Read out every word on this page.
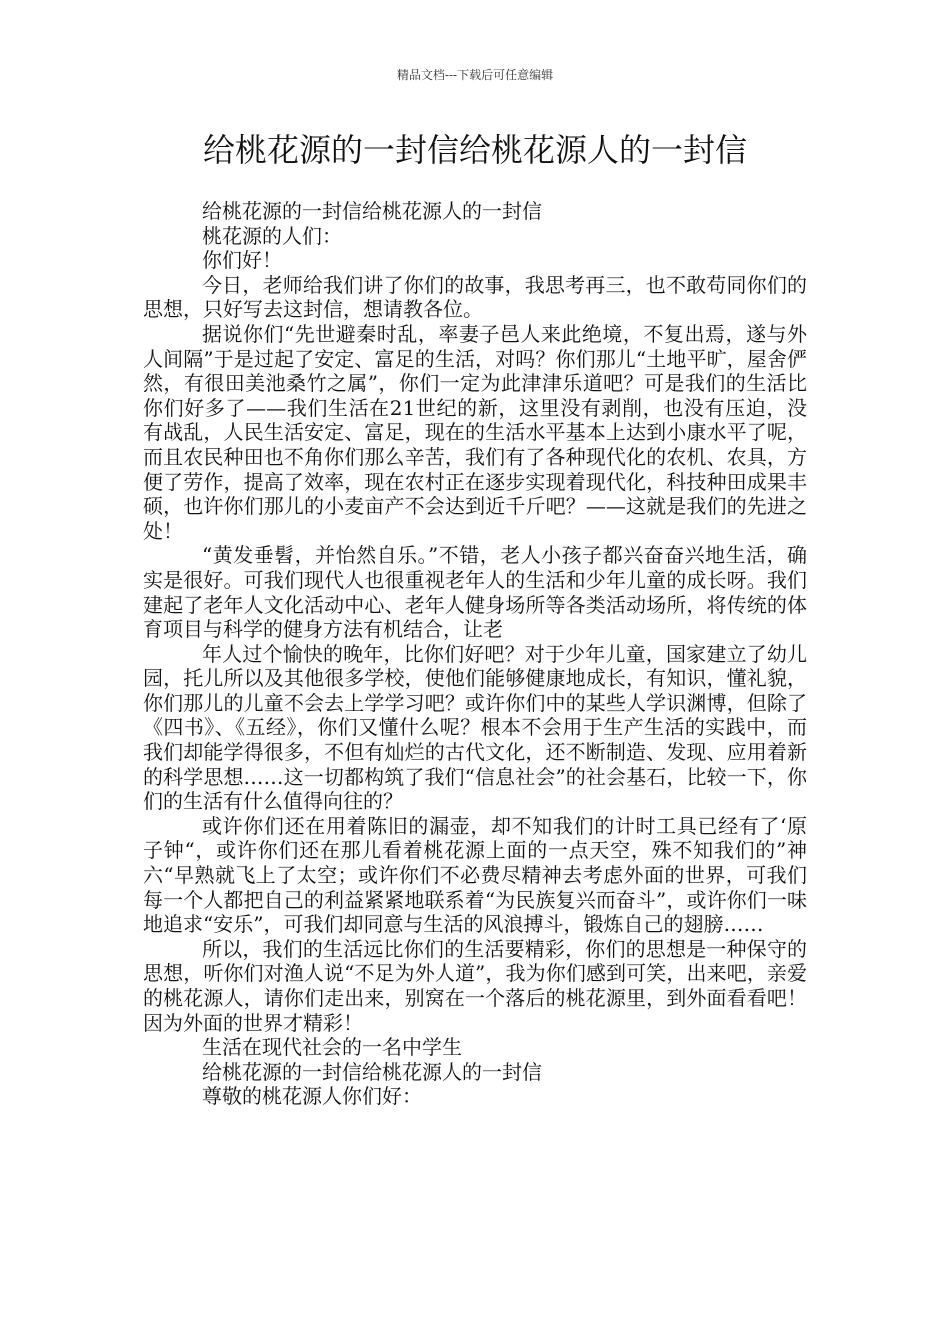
精品文档---下载后可任意编辑
给桃花源的一封信给桃花源人的一封信

给桃花源的一封信给桃花源人的一封信

桃花源的人们：

你们好！

今日，老师给我们讲了你们的故事，我思考再三，也不敢苟同你们的思想，只好写去这封信，想请教各位。

据说你们“先世避秦时乱，率妻子邑人来此绝境，不复出焉，遂与外人间隔”于是过起了安定、富足的生活，对吗？你们那儿“土地平旷，屋舍俨然，有很田美池桑竹之属”，你们一定为此津津乐道吧？可是我们的生活比你们好多了——我们生活在21世纪的新，这里没有剥削，也没有压迫，没有战乱，人民生活安定、富足，现在的生活水平基本上达到小康水平了呢，而且农民种田也不角你们那么辛苦，我们有了各种现代化的农机、农具，方便了劳作，提高了效率，现在农村正在逐步实现着现代化，科技种田成果丰硕，也许你们那儿的小麦亩产不会达到近千斤吧？——这就是我们的先进之处！

“黄发垂髫，并怡然自乐。”不错，老人小孩子都兴奋奋兴地生活，确实是很好。可我们现代人也很重视老年人的生活和少年儿童的成长呀。我们建起了老年人文化活动中心、老年人健身场所等各类活动场所，将传统的体育项目与科学的健身方法有机结合，让老

年人过个愉快的晚年，比你们好吧？对于少年儿童，国家建立了幼儿园，托儿所以及其他很多学校，使他们能够健康地成长，有知识，懂礼貌，你们那儿的儿童不会去上学学习吧？或许你们中的某些人学识渊博，但除了《四书》、《五经》，你们又懂什么呢？根本不会用于生产生活的实践中，而我们却能学得很多，不但有灿烂的古代文化，还不断制造、发现、应用着新的科学思想……这一切都构筑了我们“信息社会”的社会基石，比较一下，你们的生活有什么值得向往的？

或许你们还在用着陈旧的漏壶，却不知我们的计时工具已经有了‘原子钟“，或许你们还在那儿看着桃花源上面的一点天空，殊不知我们的”神六“早熟就飞上了太空；或许你们不必费尽精神去考虑外面的世界，可我们每一个人都把自己的利益紧紧地联系着“为民族复兴而奋斗”，或许你们一味地追求“安乐”，可我们却同意与生活的风浪搏斗，锻炼自己的翅膀……

所以，我们的生活远比你们的生活要精彩，你们的思想是一种保守的思想，听你们对渔人说“不足为外人道”，我为你们感到可笑，出来吧，亲爱的桃花源人，请你们走出来，别窝在一个落后的桃花源里，到外面看看吧！因为外面的世界才精彩！

生活在现代社会的一名中学生

给桃花源的一封信给桃花源人的一封信

尊敬的桃花源人你们好：
